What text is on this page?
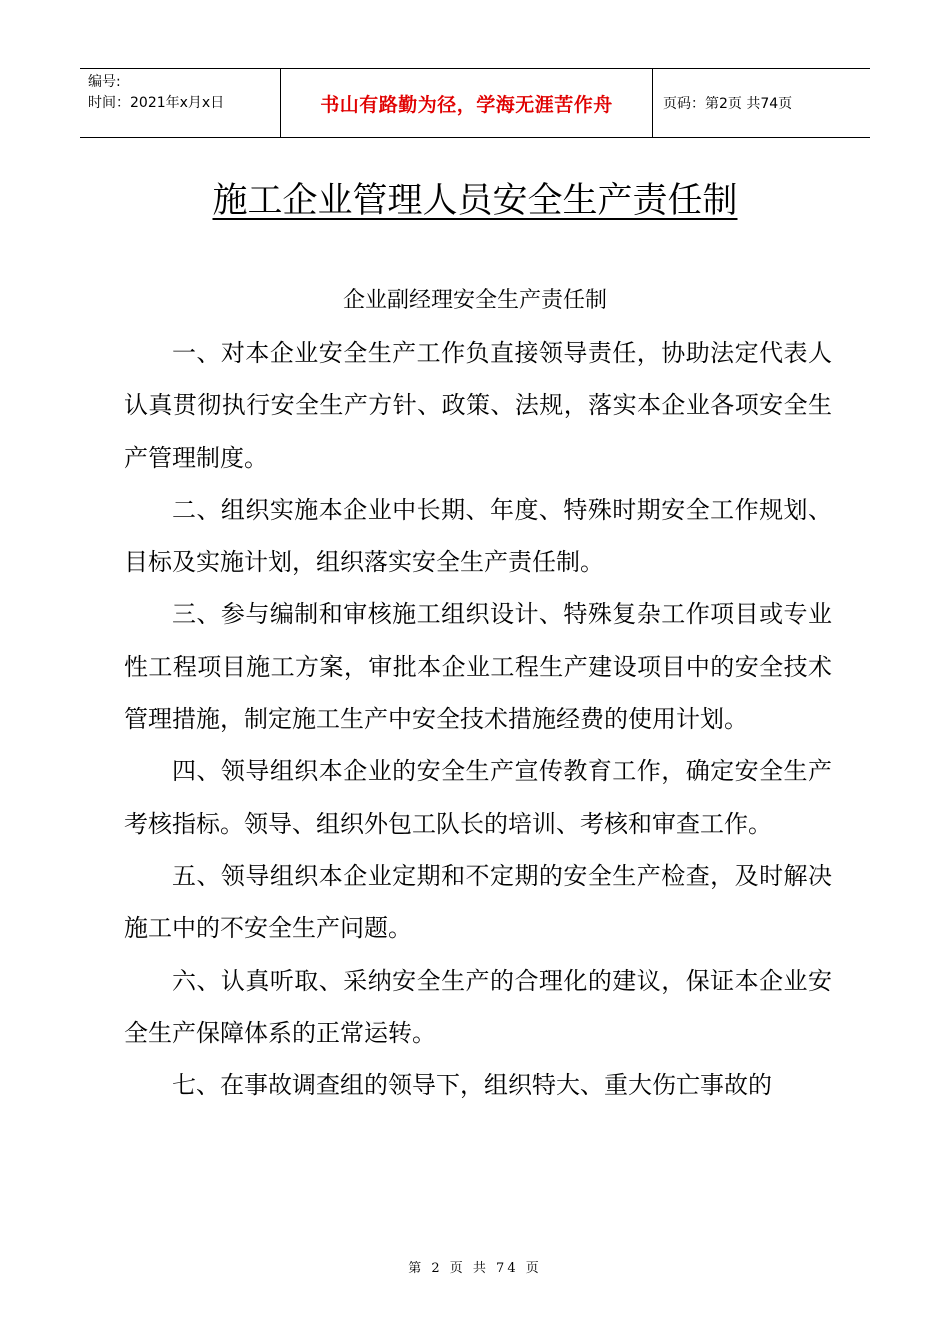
编号:
时间：2021年x月x日	书山有路勤为径，学海无涯苦作舟	页码：第2页 共74页
施工企业管理人员安全生产责任制
企业副经理安全生产责任制

一、对本企业安全生产工作负直接领导责任，协助法定代表人认真贯彻执行安全生产方针、政策、法规，落实本企业各项安全生产管理制度。

二、组织实施本企业中长期、年度、特殊时期安全工作规划、目标及实施计划，组织落实安全生产责任制。

三、参与编制和审核施工组织设计、特殊复杂工作项目或专业性工程项目施工方案，审批本企业工程生产建设项目中的安全技术管理措施，制定施工生产中安全技术措施经费的使用计划。

四、领导组织本企业的安全生产宣传教育工作，确定安全生产考核指标。领导、组织外包工队长的培训、考核和审查工作。

五、领导组织本企业定期和不定期的安全生产检查，及时解决施工中的不安全生产问题。

六、认真听取、采纳安全生产的合理化的建议，保证本企业安全生产保障体系的正常运转。

七、在事故调查组的领导下，组织特大、重大伤亡事故的

第 2 页 共 74 页
